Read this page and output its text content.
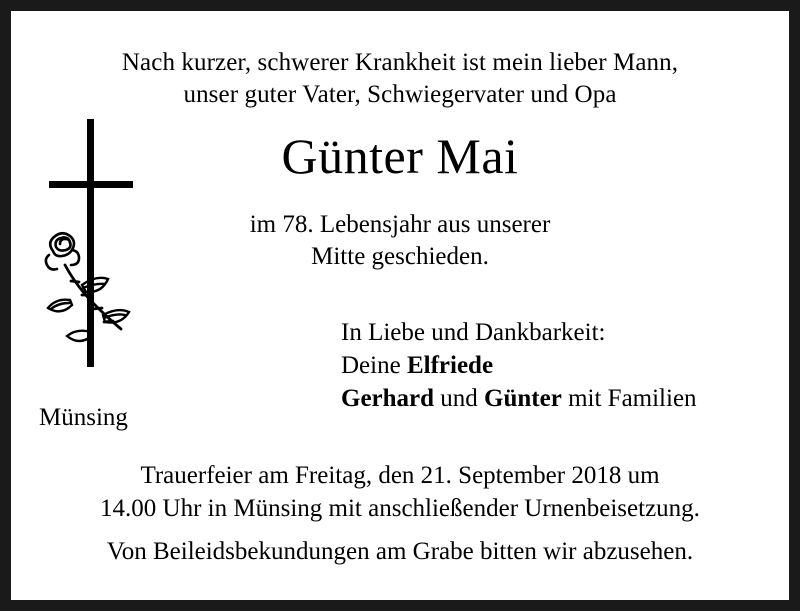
Nach kurzer, schwerer Krankheit ist mein lieber Mann,
unser guter Vater, Schwiegervater und Opa
Günter Mai
im 78. Lebensjahr aus unserer
Mitte geschieden.
In Liebe und Dankbarkeit:
Deine Elfriede
Gerhard und Günter mit Familien
Münsing
Trauerfeier am Freitag, den 21. September 2018 um
14.00 Uhr in Münsing mit anschließender Urnenbeisetzung.
Von Beileidsbekundungen am Grabe bitten wir abzusehen.
